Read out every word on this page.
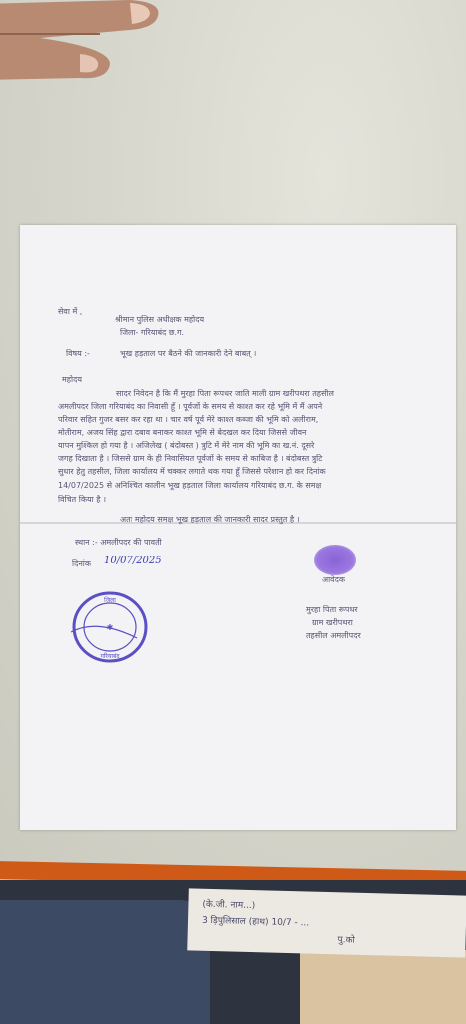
सेवा में ,
श्रीमान पुलिस अधीक्षक महोदय
जिला- गरियाबंद छ.ग.
विषय :-	भूख हड़ताल पर बैठने की जानकारी देने बाबत् ।
महोदय
सादर निवेदन है कि मैं मुरहा पिता रूपधर जाति माली ग्राम खरीपथरा तहसील
अमलीपदर जिला गरियाबंद का निवासी हूँ । पूर्वजों के समय से काश्त कर रहे भूमि में मैं अपने
परिवार सहित गुजर बसर कर रहा था । चार वर्ष पूर्व मेरे काश्त कब्जा की भूमि को अलीराम,
मोतीराम, अजय सिंह द्वारा दबाव बनाकर काश्त भूमि से बेदखल कर दिया जिससे जीवन
यापन मुश्किल हो गया है । अजिलेख ( बंदोबस्त ) त्रुटि में मेरे नाम की भूमि का ख.नं. दूसरे
जगह दिखाता है । जिससे ग्राम के ही निवासियत पूर्वजों के समय से काबिज है । बंदोबस्त त्रुटि
सुधार हेतु तहसील, जिला कार्यालय में चक्कर लगाते थक गया हूँ जिससे परेशान हो कर दिनांक
14/07/2025 से अनिश्चित कालीन भूख हड़ताल जिला कार्यालय गरियाबंद छ.ग. के समक्ष
विचित किया है ।
अतः महोदय समक्ष भूख हड़ताल की जानकारी सादर प्रस्तुत है ।
स्थान :- अमलीपदर की पावती
दिनांक 10/07/2025
आवेदक
मुरहा पिता रूपधर
ग्राम खरीपथरा
तहसील अमलीपदर
जिला
गरियाबंद
✱
(के.जी. नाम...)
3 ड़िपुलिसाल (हाथ) 10/7 - ...
पु.को
